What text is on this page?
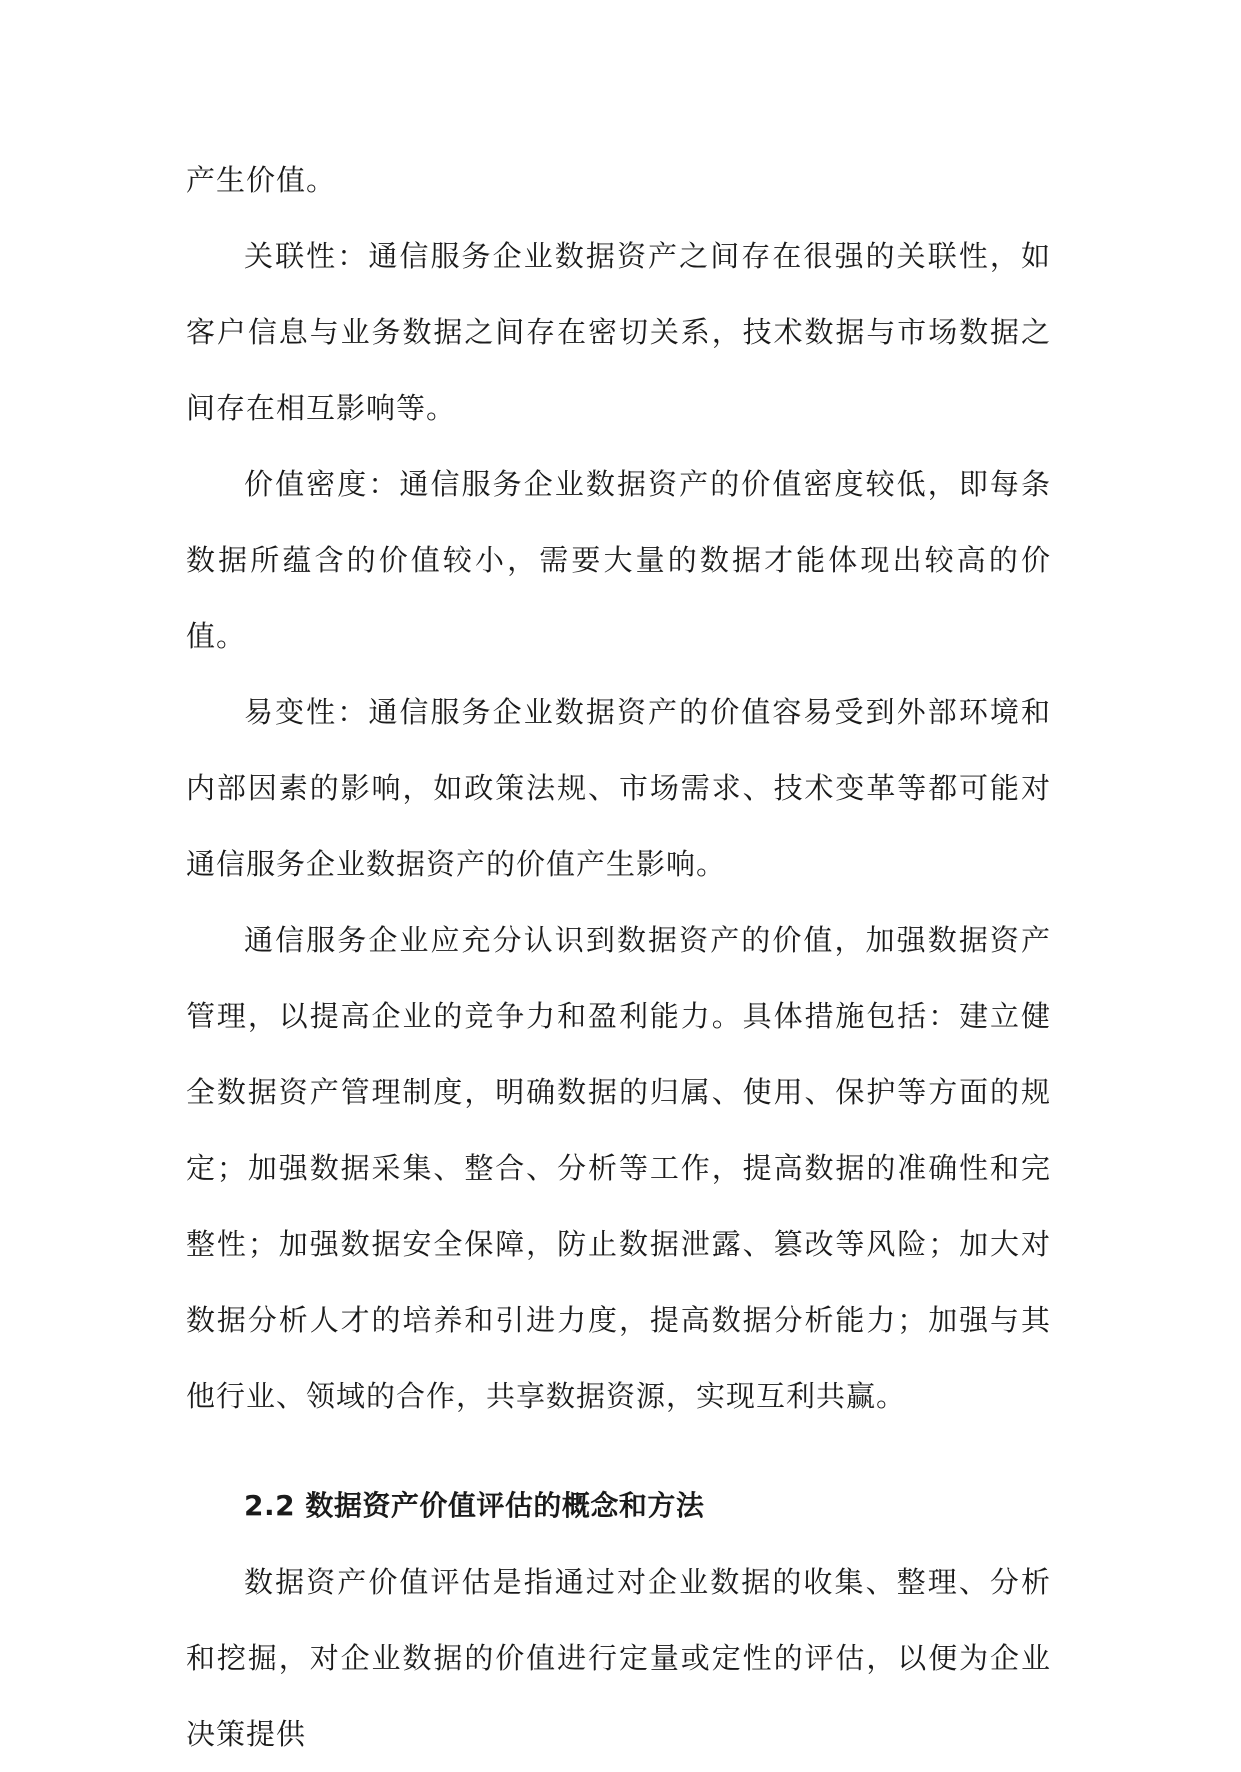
产生价值。

关联性：通信服务企业数据资产之间存在很强的关联性，如客户信息与业务数据之间存在密切关系，技术数据与市场数据之间存在相互影响等。

价值密度：通信服务企业数据资产的价值密度较低，即每条数据所蕴含的价值较小，需要大量的数据才能体现出较高的价值。

易变性：通信服务企业数据资产的价值容易受到外部环境和内部因素的影响，如政策法规、市场需求、技术变革等都可能对通信服务企业数据资产的价值产生影响。

通信服务企业应充分认识到数据资产的价值，加强数据资产管理，以提高企业的竞争力和盈利能力。具体措施包括：建立健全数据资产管理制度，明确数据的归属、使用、保护等方面的规定；加强数据采集、整合、分析等工作，提高数据的准确性和完整性；加强数据安全保障，防止数据泄露、篡改等风险；加大对数据分析人才的培养和引进力度，提高数据分析能力；加强与其他行业、领域的合作，共享数据资源，实现互利共赢。

2.2 数据资产价值评估的概念和方法

数据资产价值评估是指通过对企业数据的收集、整理、分析和挖掘，对企业数据的价值进行定量或定性的评估，以便为企业决策提供
